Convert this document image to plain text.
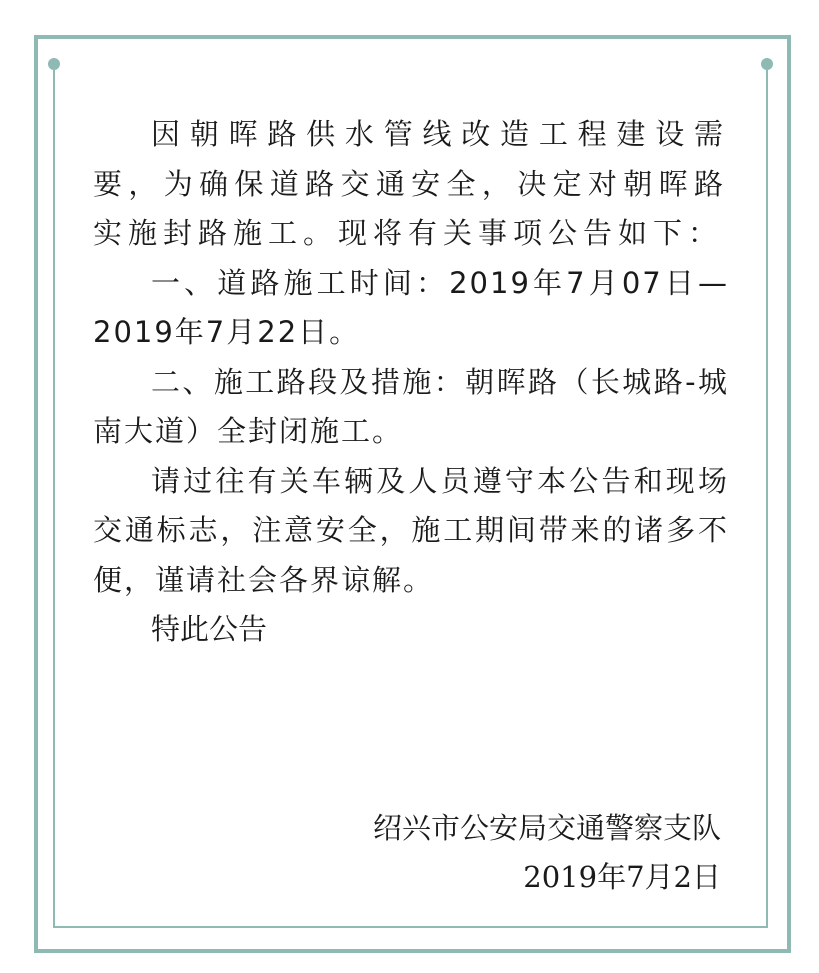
因朝晖路供水管线改造工程建设需要，为确保道路交通安全，决定对朝晖路实施封路施工。现将有关事项公告如下：

一、道路施工时间：2019年7月07日—2019年7月22日。

二、施工路段及措施：朝晖路（长城路-城南大道）全封闭施工。

请过往有关车辆及人员遵守本公告和现场交通标志，注意安全，施工期间带来的诸多不便，谨请社会各界谅解。

特此公告

绍兴市公安局交通警察支队
2019年7月2日
